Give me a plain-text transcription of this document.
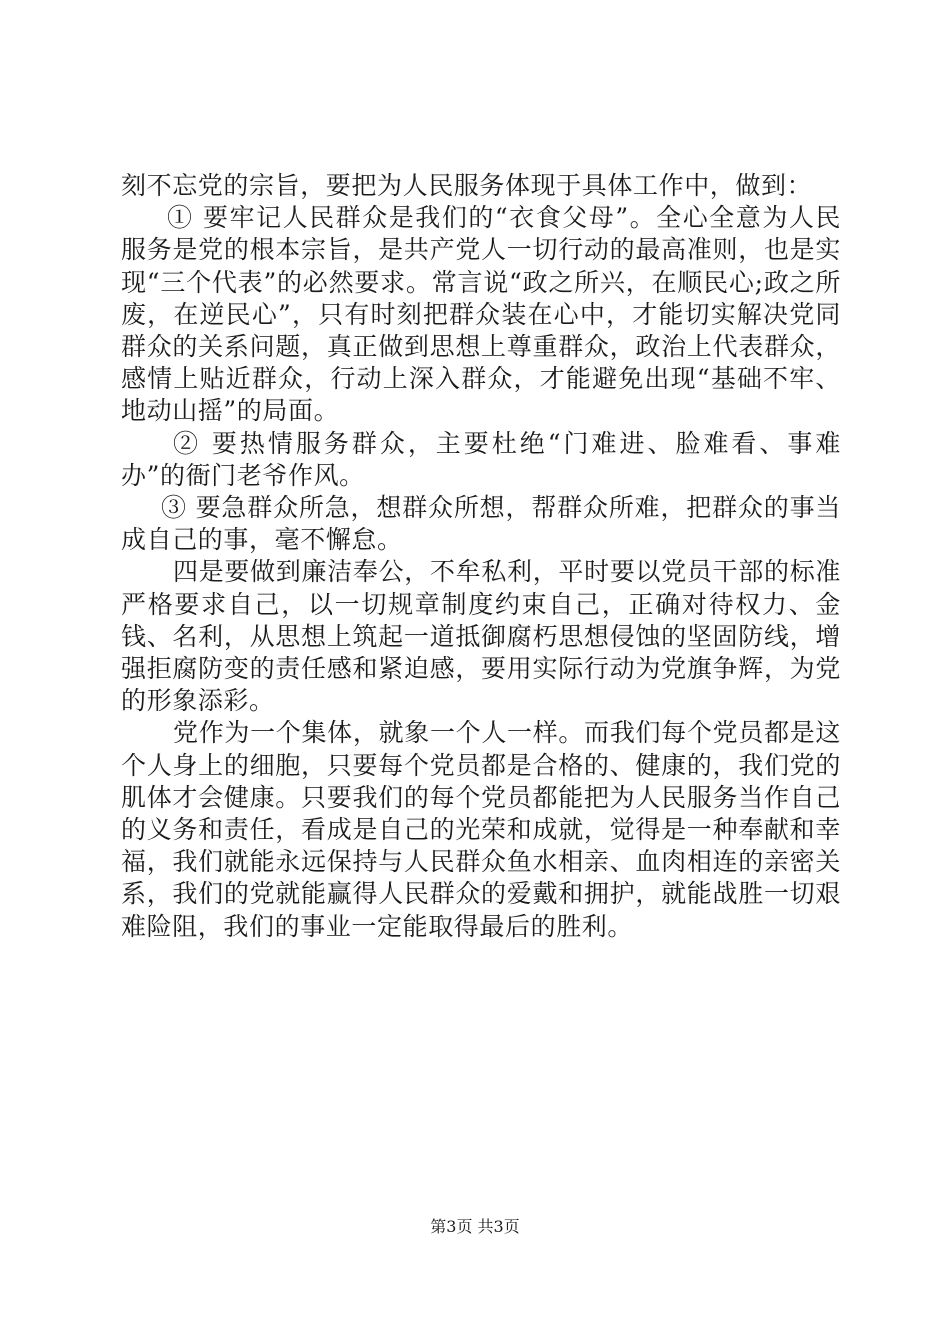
刻不忘党的宗旨，要把为人民服务体现于具体工作中，做到：

① 要牢记人民群众是我们的“衣食父母”。全心全意为人民服务是党的根本宗旨，是共产党人一切行动的最高准则，也是实现“三个代表”的必然要求。常言说“政之所兴，在顺民心;政之所废，在逆民心”，只有时刻把群众装在心中，才能切实解决党同群众的关系问题，真正做到思想上尊重群众，政治上代表群众，感情上贴近群众，行动上深入群众，才能避免出现“基础不牢、地动山摇”的局面。

② 要热情服务群众，主要杜绝“门难进、脸难看、事难办”的衙门老爷作风。

③ 要急群众所急，想群众所想，帮群众所难，把群众的事当成自己的事，毫不懈怠。

四是要做到廉洁奉公，不牟私利，平时要以党员干部的标准严格要求自己，以一切规章制度约束自己，正确对待权力、金钱、名利，从思想上筑起一道抵御腐朽思想侵蚀的坚固防线，增强拒腐防变的责任感和紧迫感，要用实际行动为党旗争辉，为党的形象添彩。

党作为一个集体，就象一个人一样。而我们每个党员都是这个人身上的细胞，只要每个党员都是合格的、健康的，我们党的肌体才会健康。只要我们的每个党员都能把为人民服务当作自己的义务和责任，看成是自己的光荣和成就，觉得是一种奉献和幸福，我们就能永远保持与人民群众鱼水相亲、血肉相连的亲密关系，我们的党就能赢得人民群众的爱戴和拥护，就能战胜一切艰难险阻，我们的事业一定能取得最后的胜利。

第3页 共3页
